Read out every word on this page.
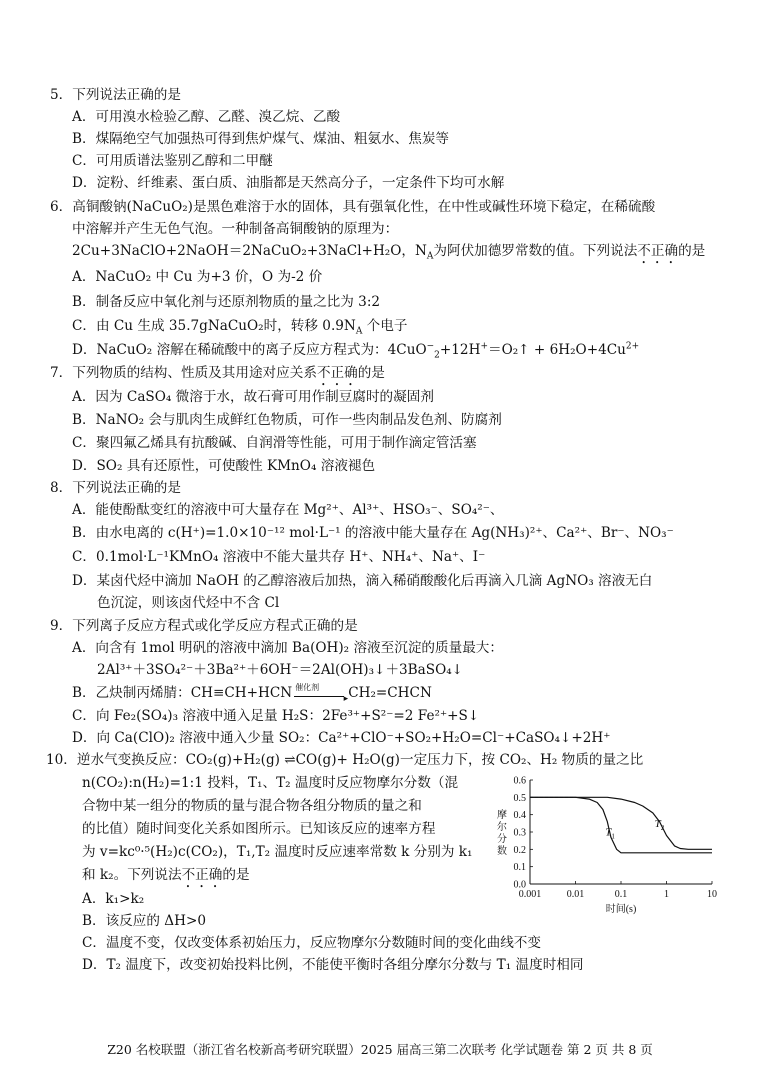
5．下列说法正确的是
A．可用溴水检验乙醇、乙醛、溴乙烷、乙酸
B．煤隔绝空气加强热可得到焦炉煤气、煤油、粗氨水、焦炭等
C．可用质谱法鉴别乙醇和二甲醚
D．淀粉、纤维素、蛋白质、油脂都是天然高分子，一定条件下均可水解
6．高铜酸钠(NaCuO₂)是黑色难溶于水的固体，具有强氧化性，在中性或碱性环境下稳定，在稀硫酸
中溶解并产生无色气泡。一种制备高铜酸钠的原理为：
2Cu+3NaClO+2NaOH＝2NaCuO₂+3NaCl+H₂O，$N_A$为阿伏加德罗常数的值。下列说法不正确的是
A．NaCuO₂ 中 Cu 为+3 价，O 为-2 价
B．制备反应中氧化剂与还原剂物质的量之比为 3:2
C．由 Cu 生成 35.7gNaCuO₂时，转移 $0.9N_A$ 个电子
D．NaCuO₂ 溶解在稀硫酸中的离子反应方程式为：4CuO−$_2$+12H+＝O₂↑ + $6H_2O+4Cu^{2+}$
7．下列物质的结构、性质及其用途对应关系不正确的是
A．因为 CaSO₄ 微溶于水，故石膏可用作制豆腐时的凝固剂
B．NaNO₂ 会与肌肉生成鲜红色物质，可作一些肉制品发色剂、防腐剂
C．聚四氟乙烯具有抗酸碱、自润滑等性能，可用于制作滴定管活塞
D．SO₂ 具有还原性，可使酸性 KMnO₄ 溶液褪色
8．下列说法正确的是
A．能使酚酞变红的溶液中可大量存在 Mg²⁺、Al³⁺、HSO₃⁻、SO₄²⁻、
B．由水电离的 c(H⁺)=1.0×10⁻¹² mol·L⁻¹ 的溶液中能大量存在 Ag(NH₃)²⁺、Ca²⁺、Br⁻、NO₃⁻
C．0.1mol·L⁻¹KMnO₄ 溶液中不能大量共存 H⁺、NH₄⁺、Na⁺、I⁻
D．某卤代烃中滴加 NaOH 的乙醇溶液后加热，滴入稀硝酸酸化后再滴入几滴 AgNO₃ 溶液无白
色沉淀，则该卤代烃中不含 Cl
9．下列离子反应方程式或化学反应方程式正确的是
A．向含有 1mol 明矾的溶液中滴加 Ba(OH)₂ 溶液至沉淀的质量最大：
2Al³⁺＋3SO₄²⁻＋3Ba²⁺＋6OH⁻＝2Al(OH)₃↓＋3BaSO₄↓
B．乙炔制丙烯腈：CH≡CH+HCN 催化剂
▸ CH₂=CHCN
C．向 Fe₂(SO₄)₃ 溶液中通入足量 H₂S：2Fe³⁺+S²⁻=2 Fe²⁺+S↓
D．向 Ca(ClO)₂ 溶液中通入少量 SO₂：Ca²⁺+ClO⁻+SO₂+H₂O=Cl⁻+CaSO₄↓+2H⁺
10．逆水气变换反应：CO₂(g)+H₂(g) ⇌CO(g)+ H₂O(g)一定压力下，按 CO₂、H₂ 物质的量之比
n(CO₂):n(H₂)=1:1 投料，T₁、T₂ 温度时反应物摩尔分数（混
合物中某一组分的物质的量与混合物各组分物质的量之和
的比值）随时间变化关系如图所示。已知该反应的速率方程
为 v=kc⁰·⁵(H₂)c(CO₂)，T₁,T₂ 温度时反应速率常数 k 分别为 k₁
和 k₂。下列说法不正确的是
A．k₁>k₂
B．该反应的 ΔH>0
C．温度不变，仅改变体系初始压力，反应物摩尔分数随时间的变化曲线不变
D．T₂ 温度下，改变初始投料比例，不能使平衡时各组分摩尔分数与 T₁ 温度时相同
0.0
0.1
0.2
0.3
0.4
0.5
0.6
0.001	0.01	0.1	1	10
时间(s)
摩
尔
分
数
$T_1$
$T_2$
Z20 名校联盟（浙江省名校新高考研究联盟）2025 届高三第二次联考 化学试题卷 第 2 页 共 8 页
